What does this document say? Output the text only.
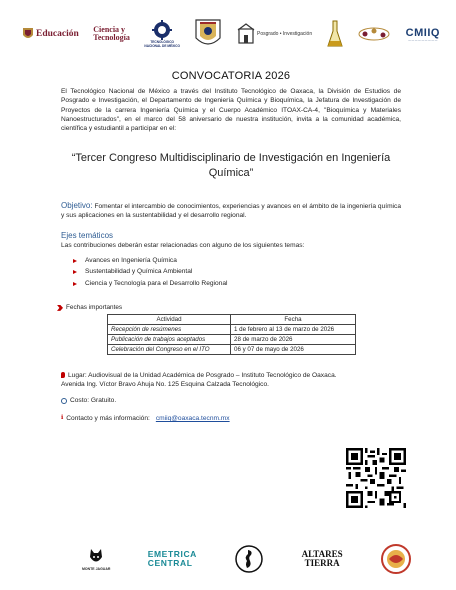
Educación Ciencia y
Tecnología	TECNOLÓGICO
NACIONAL DE MÉXICO
Posgrado • Investigación	CMIIQ
— — — — — — — — —
CONVOCATORIA 2026

El Tecnológico Nacional de México a través del Instituto Tecnológico de Oaxaca, la División de Estudios de Posgrado e Investigación, el Departamento de Ingeniería Química y Bioquímica, la Jefatura de Investigación de Proyectos de la carrera Ingeniería Química y el Cuerpo Académico ITOAX-CA-4, "Bioquímica y Materiales Nanoestructurados", en el marco del 58 aniversario de nuestra institución, invita a la comunidad académica, científica y estudiantil a participar en el:

“Tercer Congreso Multidisciplinario de Investigación en Ingeniería Química”

Objetivo: Fomentar el intercambio de conocimientos, experiencias y avances en el ámbito de la ingeniería química y sus aplicaciones en la sustentabilidad y el desarrollo regional.

Ejes temáticos

Las contribuciones deberán estar relacionadas con alguno de los siguientes temas:

Avances en Ingeniería Química
Sustentabilidad y Química Ambiental
Ciencia y Tecnología para el Desarrollo Regional
Fechas importantes
Actividad	Fecha
Recepción de resúmenes	1 de febrero al 13 de marzo de 2026
Publicación de trabajos aceptados	28 de marzo de 2026
Celebración del Congreso en el ITO	06 y 07 de mayo de 2026
Lugar: Audiovisual de la Unidad Académica de Posgrado – Instituto Tecnológico de Oaxaca.
Avenida Ing. Víctor Bravo Ahuja No. 125 Esquina Calzada Tecnológico.
Costo: Gratuito.
ℹ Contacto y más información: cmiiq@oaxaca.tecnm.mx
MONTE JAGUAR
EMETRICA
CENTRAL
ALTARES
TIERRA
